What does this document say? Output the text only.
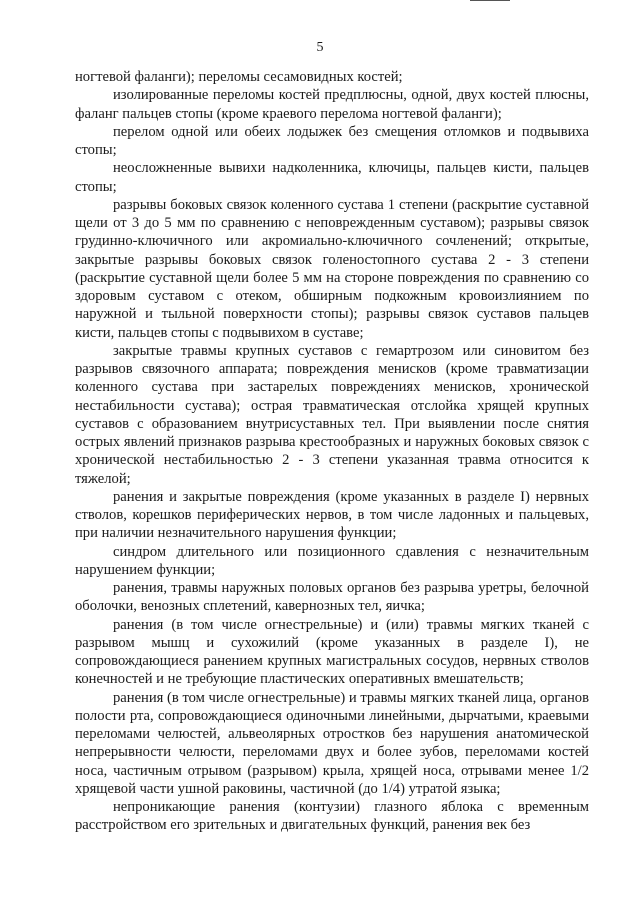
5

ногтевой фаланги); переломы сесамовидных костей;

изолированные переломы костей предплюсны, одной, двух костей плюсны, фаланг пальцев стопы (кроме краевого перелома ногтевой фаланги);

перелом одной или обеих лодыжек без смещения отломков и подвывиха стопы;

неосложненные вывихи надколенника, ключицы, пальцев кисти, пальцев стопы;

разрывы боковых связок коленного сустава 1 степени (раскрытие суставной щели от 3 до 5 мм по сравнению с неповрежденным суставом); разрывы связок грудинно-ключичного или акромиально-ключичного сочленений; открытые, закрытые разрывы боковых связок голеностопного сустава 2 - 3 степени (раскрытие суставной щели более 5 мм на стороне повреждения по сравнению со здоровым суставом с отеком, обширным подкожным кровоизлиянием по наружной и тыльной поверхности стопы); разрывы связок суставов пальцев кисти, пальцев стопы с подвывихом в суставе;

закрытые травмы крупных суставов с гемартрозом или синовитом без разрывов связочного аппарата; повреждения менисков (кроме травматизации коленного сустава при застарелых повреждениях менисков, хронической нестабильности сустава); острая травматическая отслойка хрящей крупных суставов с образованием внутрисуставных тел. При выявлении после снятия острых явлений признаков разрыва крестообразных и наружных боковых связок с хронической нестабильностью 2 - 3 степени указанная травма относится к тяжелой;

ранения и закрытые повреждения (кроме указанных в разделе I) нервных стволов, корешков периферических нервов, в том числе ладонных и пальцевых, при наличии незначительного нарушения функции;

синдром длительного или позиционного сдавления с незначительным нарушением функции;

ранения, травмы наружных половых органов без разрыва уретры, белочной оболочки, венозных сплетений, кавернозных тел, яичка;

ранения (в том числе огнестрельные) и (или) травмы мягких тканей с разрывом мышц и сухожилий (кроме указанных в разделе I), не сопровождающиеся ранением крупных магистральных сосудов, нервных стволов конечностей и не требующие пластических оперативных вмешательств;

ранения (в том числе огнестрельные) и травмы мягких тканей лица, органов полости рта, сопровождающиеся одиночными линейными, дырчатыми, краевыми переломами челюстей, альвеолярных отростков без нарушения анатомической непрерывности челюсти, переломами двух и более зубов, переломами костей носа, частичным отрывом (разрывом) крыла, хрящей носа, отрывами менее 1/2 хрящевой части ушной раковины, частичной (до 1/4) утратой языка;

непроникающие ранения (контузии) глазного яблока с временным расстройством его зрительных и двигательных функций, ранения век без
